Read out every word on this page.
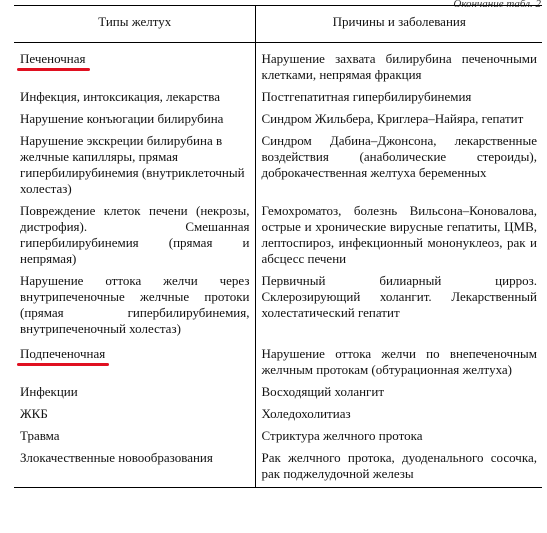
Окончание табл. 2
Типы желтух	Причины и заболевания
Печеночная	Нарушение захвата билирубина печеночными клетками, непрямая фракция
Инфекция, интоксикация, лекарства	Постгепатитная гипербилирубинемия
Нарушение конъюгации билирубина	Синдром Жильбера, Криглера–Найяра, гепатит
Нарушение экскреции билирубина в желчные капилляры, прямая гипербилирубинемия (внутриклеточный холестаз)	Синдром Дабина–Джонсона, лекарственные воздействия (анаболические стероиды), доброкачественная желтуха беременных
Повреждение клеток печени (некрозы, дистрофия). Смешанная гипербилирубинемия (прямая и непрямая)	Гемохроматоз, болезнь Вильсона–Коновалова, острые и хронические вирусные гепатиты, ЦМВ, лептоспироз, инфекционный мононуклеоз, рак и абсцесс печени
Нарушение оттока желчи через внутрипеченочные желчные протоки (прямая гипербилирубинемия, внутрипеченочный холестаз)	Первичный билиарный цирроз. Склерозирующий холангит. Лекарственный холестатический гепатит
Подпеченочная	Нарушение оттока желчи по внепеченочным желчным протокам (обтурационная желтуха)
Инфекции	Восходящий холангит
ЖКБ	Холедохолитиаз
Травма	Стриктура желчного протока
Злокачественные новообразования	Рак желчного протока, дуоденального сосочка, рак поджелудочной железы
